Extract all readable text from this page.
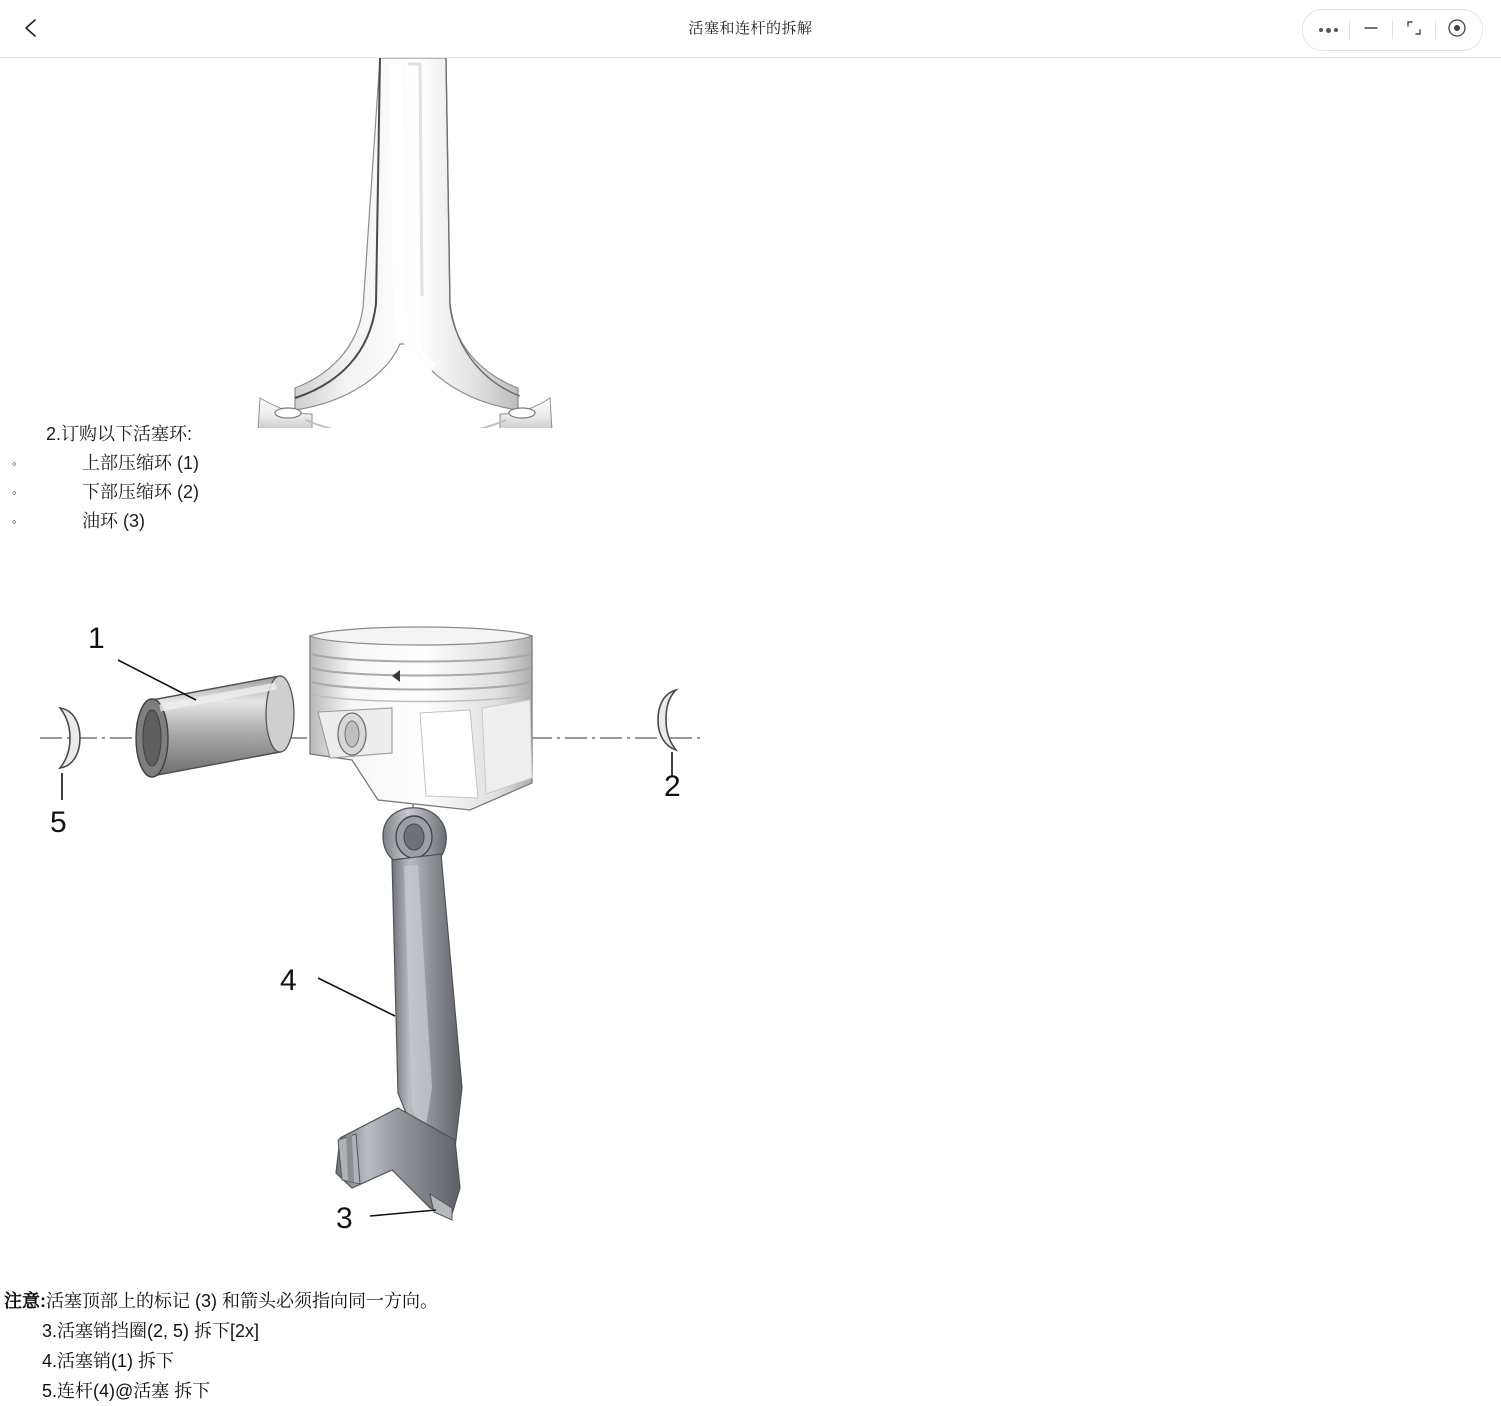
活塞和连杆的拆解
2.订购以下活塞环:
◦	上部压缩环 (1)
◦	下部压缩环 (2)
◦	油环 (3)
1
2
5
4
3
注意:活塞顶部上的标记 (3) 和箭头必须指向同一方向。
3.活塞销挡圈(2, 5) 拆下[2x]
4.活塞销(1) 拆下
5.连杆(4)@活塞 拆下
